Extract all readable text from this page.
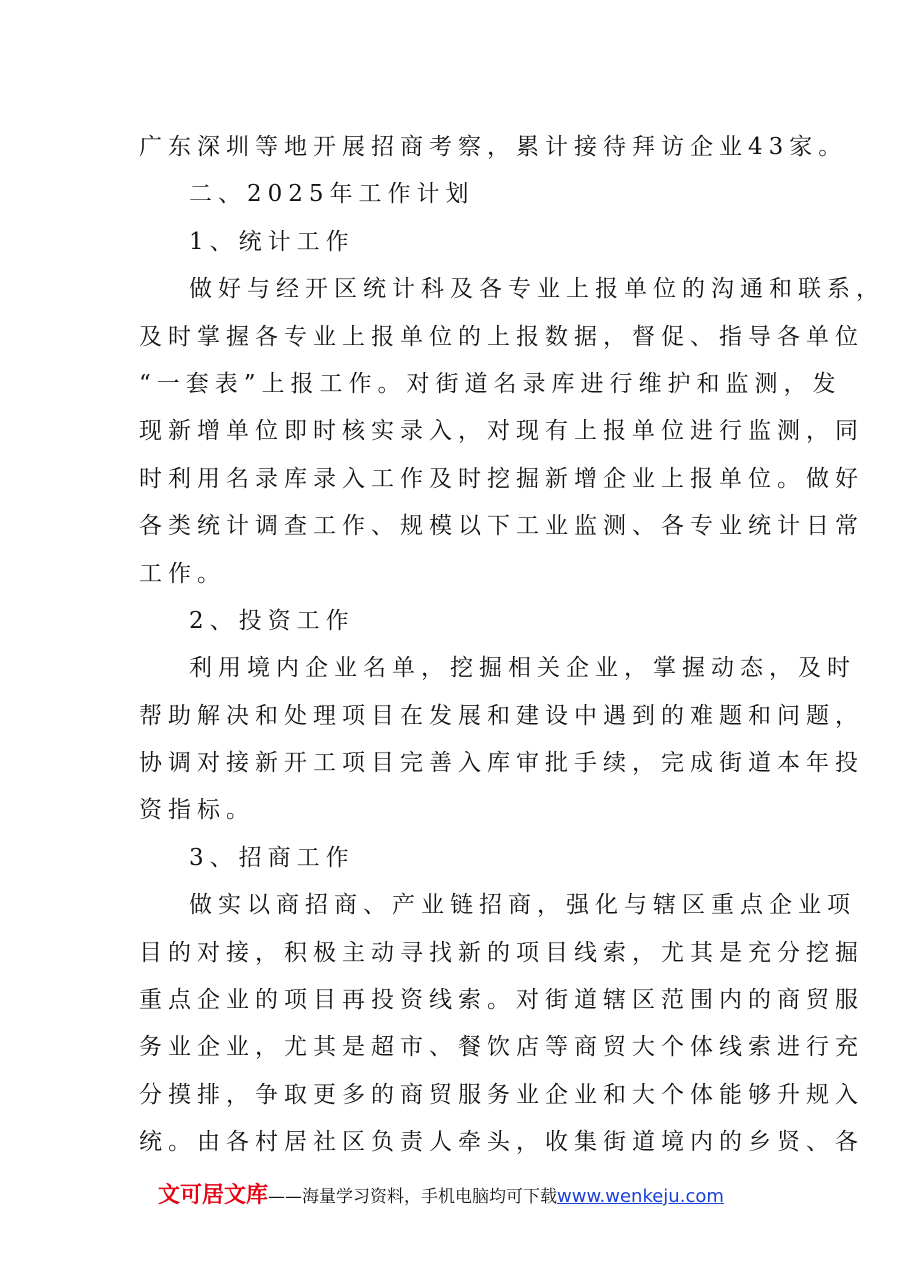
广东深圳等地开展招商考察，累计接待拜访企业43家。
二、2025年工作计划
1、统计工作
做好与经开区统计科及各专业上报单位的沟通和联系，
及时掌握各专业上报单位的上报数据，督促、指导各单位
“一套表”上报工作。对街道名录库进行维护和监测，发
现新增单位即时核实录入，对现有上报单位进行监测，同
时利用名录库录入工作及时挖掘新增企业上报单位。做好
各类统计调查工作、规模以下工业监测、各专业统计日常
工作。
2、投资工作
利用境内企业名单，挖掘相关企业，掌握动态，及时
帮助解决和处理项目在发展和建设中遇到的难题和问题，
协调对接新开工项目完善入库审批手续，完成街道本年投
资指标。
3、招商工作
做实以商招商、产业链招商，强化与辖区重点企业项
目的对接，积极主动寻找新的项目线索，尤其是充分挖掘
重点企业的项目再投资线索。对街道辖区范围内的商贸服
务业企业，尤其是超市、餐饮店等商贸大个体线索进行充
分摸排，争取更多的商贸服务业企业和大个体能够升规入
统。由各村居社区负责人牵头，收集街道境内的乡贤、各
文可居文库——海量学习资料，手机电脑均可下载www.wenkeju.com
